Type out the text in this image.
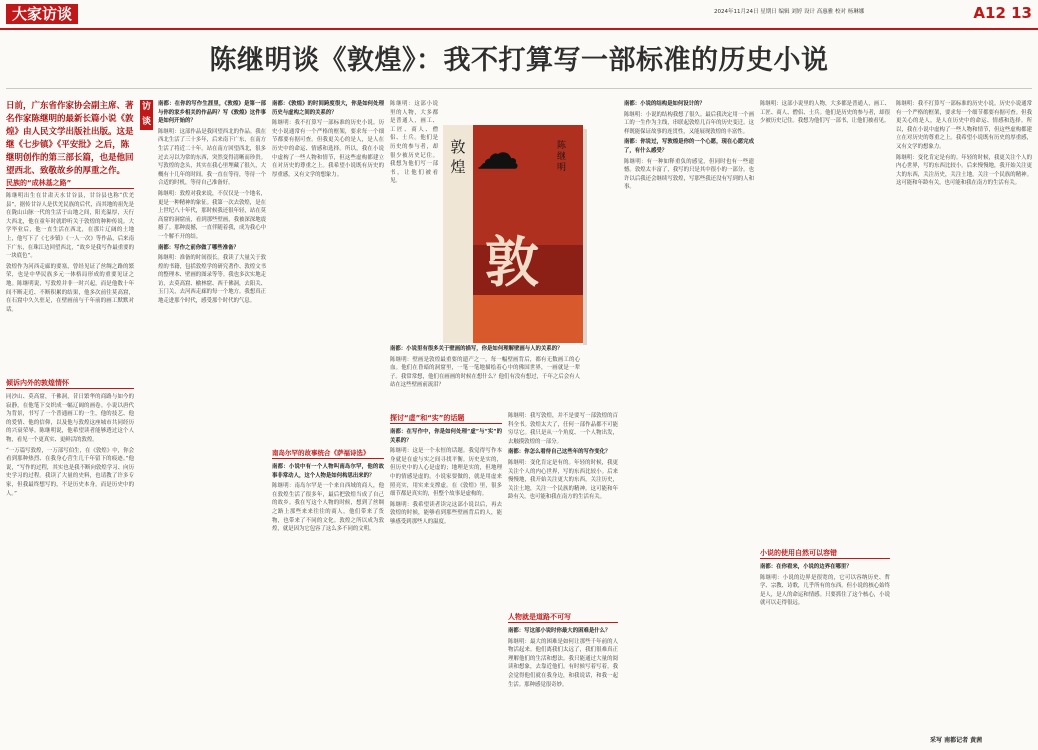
大家访谈	2024年11月24日 星期日 编辑 刘婷 设计 高惠雅 校对 杨琳娜	A12 13
陈继明谈《敦煌》：我不打算写一部标准的历史小说

日前，广东省作家协会副主席、著名作家陈继明的最新长篇小说《敦煌》由人民文学出版社出版。这是继《七步镇》《平安批》之后，陈继明创作的第三部长篇，也是他回望西北、致敬故乡的厚重之作。

民族的“成林基之路”

陈继明出生在甘肃天水甘谷县，甘谷县也称“伏羌县”，据传甘谷人是伏羌民族的后代，而其地的祖先是在陇山山脉一代的生活于山地之间，阳光温厚，天行大西北，他在童年时就聆听关于敦煌的种种传说。大学毕业后，他一直生活在西北，在那片辽阔的土地上，他写下了《七步镇》《一人一次》等作品，后来南下广东，在珠江边回望西北，“故乡是我写作最重要的一块底色”。

敦煌作为河西走廊的要塞，曾经见证了丝绸之路的繁荣，也是中华民族多元一体格局形成的重要见证之地。陈继明说，写敦煌并非一时兴起，而是他数十年间不断走近、不断积累的结果，他多次前往莫高窟，在石窟中久久驻足，在壁画前与千年前的画工默默对话。

倾诉内外的敦煌情怀

同沙山、莫高窟，千佛洞，昔日繁华的商路与如今的寂静，在他笔下交织成一幅辽阔的画卷。小说以唐代为背景，书写了一个普通画工的一生，他的技艺、他的爱情、他的信仰，以及他与敦煌这座城市共同经历的兴衰荣辱。陈继明说，他希望读者能够透过这个人物，看见一个更真实、更鲜活的敦煌。

“一万篇写敦煌，一万部写伯生，在《敦煌》中，你会看到那种热烈、在我身心营生几千年留下的痕迹。”他说，“写作的过程，其实也是我不断向敦煌学习、向历史学习的过程。我读了大量的史料，也请教了许多专家，但我最终想写的，不是历史本身，而是历史中的人。”

访
谈

南都：在你的写作生涯里，《敦煌》是第一部与你的家乡相关的作品吗？写《敦煌》这件事是如何开始的？

陈继明：这部作品是我回望西北的作品。我在西北生活了三十多年，后来南下广东，在南方生活了将近二十年。站在南方回望西北，很多过去习以为常的东西，突然变得清晰而珍贵。写敦煌的念头，其实在我心里埋藏了很久，大概有十几年的时间。我一直在等待，等待一个合适的时机，等待自己准备好。

陈继明：敦煌对我来说，不仅仅是一个地名，更是一种精神的象征。我第一次去敦煌，是在上世纪八十年代，那时候我还很年轻，站在莫高窟的洞窟前，看到那些壁画，我被深深地震撼了。那种震撼，一直伴随着我，成为我心中一个解不开的结。

南都：写作之前你做了哪些准备？

陈继明：准备的时间很长。我读了大量关于敦煌的书籍，包括敦煌学的研究著作、敦煌文书的整理本、壁画的图录等等。我也多次实地走访，去莫高窟、榆林窟、西千佛洞，去阳关、玉门关，去河西走廊的每一个地方。我想真正地走进那个时代，感受那个时代的气息。

南都：《敦煌》的时间跨度很大，你是如何处理历史与虚构之间的关系的？

陈继明：我不打算写一部标准的历史小说。历史小说通常有一个严格的框架，要求每一个细节都要有据可查。但我更关心的是人，是人在历史中的命运、情感和选择。所以，我在小说中虚构了一些人物和情节，但这些虚构都建立在对历史的尊重之上。我希望小说既有历史的厚重感，又有文学的想象力。

南岛尔罕的故事统合《萨福诗选》

南都：小说中有一个人物叫南岛尔罕，他的故事非常动人，这个人物是如何构思出来的？

陈继明：南岛尔罕是一个来自西域的商人，他在敦煌生活了很多年，最后把敦煌当成了自己的故乡。我在写这个人物的时候，想到了丝绸之路上那些来来往往的商人，他们带来了货物，也带来了不同的文化。敦煌之所以成为敦煌，就是因为它包容了这么多不同的文明。

陈继明：这部小说里的人物，大多都是普通人，画工、工匠、商人、僧侣、士兵。他们是历史的参与者，却很少被历史记住。我想为他们写一部书，让他们被看见。

南都：小说里有很多关于壁画的描写，你是如何理解壁画与人的关系的？

陈继明：壁画是敦煌最重要的遗产之一。每一幅壁画背后，都有无数画工的心血。他们在昏暗的洞窟里，一笔一笔地描绘着心中的佛国世界，一画就是一辈子。我常常想，他们在画画的时候在想什么？他们有没有想过，千年之后会有人站在这些壁画前流泪？

探讨“虚”和“实”的话题

南都：在写作中，你是如何处理“虚”与“实”的关系的？

陈继明：这是一个永恒的话题。我觉得写作本身就是在虚与实之间寻找平衡。历史是实的，但历史中的人心是虚的；地理是实的，但地理中的情感是虚的。小说家要做的，就是用虚来照亮实，用实来支撑虚。在《敦煌》里，很多细节都是真实的，但整个故事是虚构的。

陈继明：我希望读者读完这部小说以后，再去敦煌的时候，能够看到那些壁画背后的人，能够感受到那些人的温度。

敦煌 ☁	陈继明
敦

陈继明：我写敦煌，并不是要写一部敦煌的百科全书。敦煌太大了，任何一部作品都不可能穷尽它。我只是从一个角度、一个人物出发，去触摸敦煌的一部分。

南都：你怎么看待自己这些年的写作变化？

陈继明：变化肯定是有的。年轻的时候，我更关注个人的内心世界，写的东西比较小。后来慢慢地，我开始关注更大的东西，关注历史，关注土地，关注一个民族的精神。这可能和年龄有关，也可能和我在南方的生活有关。

人物就是道路不可写

南都：写这部小说时你最大的困难是什么？

陈继明：最大的困难是如何让那些千年前的人物活起来。他们离我们太远了，我们很难真正理解他们的生活和想法。我只能通过大量的阅读和想象，去靠近他们。有时候写着写着，我会觉得他们就在我身边，和我说话，和我一起生活。那种感觉很奇妙。

南都：小说的结构是如何设计的？

陈继明：小说的结构我想了很久。最后我决定用一个画工的一生作为主线，串联起敦煌几百年的历史变迁。这样既能保证故事的连贯性，又能展现敦煌的丰富性。

南都：你说过，写敦煌是你的一个心愿，现在心愿完成了，有什么感受？

陈继明：有一种如释重负的感觉，但同时也有一些遗憾。敦煌太丰富了，我写的只是其中很小的一部分。也许以后我还会继续写敦煌，写那些我还没有写到的人和事。

陈继明：这部小说里的人物，大多都是普通人，画工、工匠、商人、僧侣、士兵。他们是历史的参与者，却很少被历史记住。我想为他们写一部书，让他们被看见。

小说的使用自然可以容错

南都：在你看来，小说的边界在哪里？

陈继明：小说的边界是很宽的，它可以容纳历史、哲学、宗教、诗歌，几乎所有的东西。但小说的核心始终是人，是人的命运和情感。只要抓住了这个核心，小说就可以走得很远。

陈继明：我不打算写一部标准的历史小说。历史小说通常有一个严格的框架，要求每一个细节都要有据可查。但我更关心的是人，是人在历史中的命运、情感和选择。所以，我在小说中虚构了一些人物和情节，但这些虚构都建立在对历史的尊重之上。我希望小说既有历史的厚重感，又有文学的想象力。

陈继明：变化肯定是有的。年轻的时候，我更关注个人的内心世界，写的东西比较小。后来慢慢地，我开始关注更大的东西，关注历史，关注土地，关注一个民族的精神。这可能和年龄有关，也可能和我在南方的生活有关。

采写 南都记者 黄茜
